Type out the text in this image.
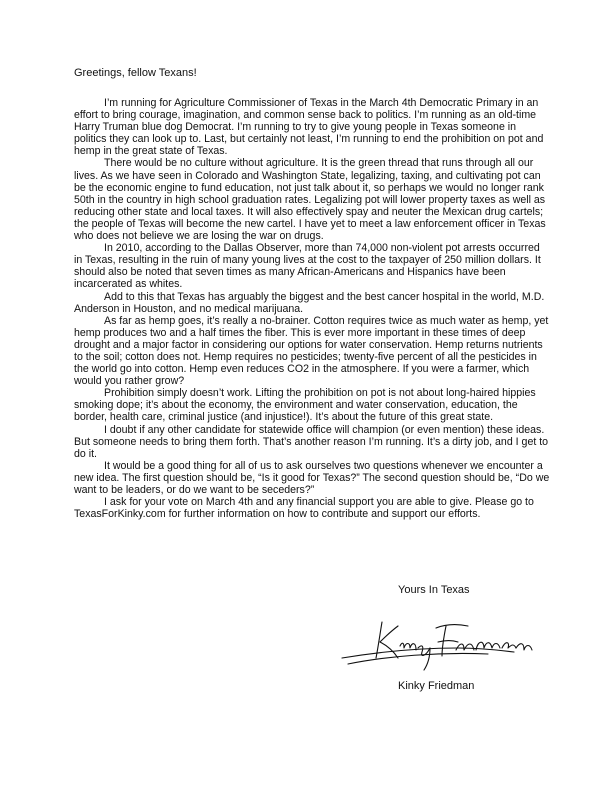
Greetings, fellow Texans!

I’m running for Agriculture Commissioner of Texas in the March 4th Democratic Primary in an effort to bring courage, imagination, and common sense back to politics. I’m running as an old-time Harry Truman blue dog Democrat. I’m running to try to give young people in Texas someone in politics they can look up to. Last, but certainly not least, I’m running to end the prohibition on pot and hemp in the great state of Texas.

There would be no culture without agriculture. It is the green thread that runs through all our lives. As we have seen in Colorado and Washington State, legalizing, taxing, and cultivating pot can be the economic engine to fund education, not just talk about it, so perhaps we would no longer rank 50th in the country in high school graduation rates. Legalizing pot will lower property taxes as well as reducing other state and local taxes. It will also effectively spay and neuter the Mexican drug cartels; the people of Texas will become the new cartel. I have yet to meet a law enforcement officer in Texas who does not believe we are losing the war on drugs.

In 2010, according to the Dallas Observer, more than 74,000 non-violent pot arrests occurred in Texas, resulting in the ruin of many young lives at the cost to the taxpayer of 250 million dollars. It should also be noted that seven times as many African-Americans and Hispanics have been incarcerated as whites.

Add to this that Texas has arguably the biggest and the best cancer hospital in the world, M.D. Anderson in Houston, and no medical marijuana.

As far as hemp goes, it’s really a no-brainer. Cotton requires twice as much water as hemp, yet hemp produces two and a half times the fiber. This is ever more important in these times of deep drought and a major factor in considering our options for water conservation. Hemp returns nutrients to the soil; cotton does not. Hemp requires no pesticides; twenty-five percent of all the pesticides in the world go into cotton. Hemp even reduces CO2 in the atmosphere. If you were a farmer, which would you rather grow?

Prohibition simply doesn’t work. Lifting the prohibition on pot is not about long-haired hippies smoking dope; it’s about the economy, the environment and water conservation, education, the border, health care, criminal justice (and injustice!). It’s about the future of this great state.

I doubt if any other candidate for statewide office will champion (or even mention) these ideas. But someone needs to bring them forth. That’s another reason I’m running. It’s a dirty job, and I get to do it.

It would be a good thing for all of us to ask ourselves two questions whenever we encounter a new idea. The first question should be, “Is it good for Texas?” The second question should be, “Do we want to be leaders, or do we want to be seceders?”

I ask for your vote on March 4th and any financial support you are able to give. Please go to TexasForKinky.com for further information on how to contribute and support our efforts.

Yours In Texas
Kinky Friedman
